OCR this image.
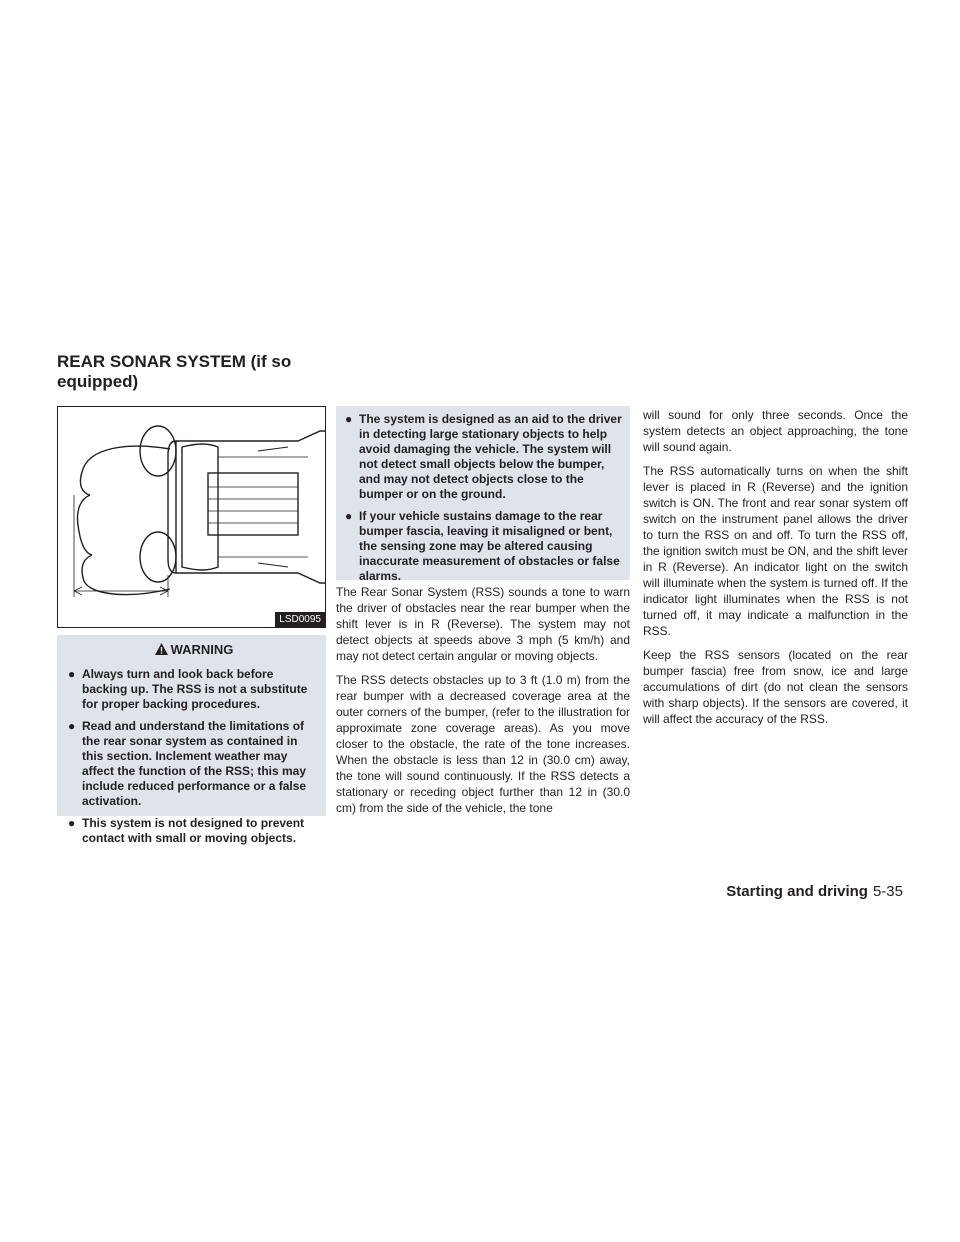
REAR SONAR SYSTEM (if so equipped)
LSD0095
WARNING
● Always turn and look back before backing up. The RSS is not a substitute for proper backing procedures.
● Read and understand the limitations of the rear sonar system as contained in this section. Inclement weather may affect the function of the RSS; this may include reduced performance or a false activation.
● This system is not designed to prevent contact with small or moving objects.
● The system is designed as an aid to the driver in detecting large stationary objects to help avoid damaging the vehicle. The system will not detect small objects below the bumper, and may not detect objects close to the bumper or on the ground.
● If your vehicle sustains damage to the rear bumper fascia, leaving it misaligned or bent, the sensing zone may be altered causing inaccurate measurement of obstacles or false alarms.

The Rear Sonar System (RSS) sounds a tone to warn the driver of obstacles near the rear bumper when the shift lever is in R (Reverse). The system may not detect objects at speeds above 3 mph (5 km/h) and may not detect certain angular or moving objects.

The RSS detects obstacles up to 3 ft (1.0 m) from the rear bumper with a decreased coverage area at the outer corners of the bumper, (refer to the illustration for approximate zone coverage areas). As you move closer to the obstacle, the rate of the tone increases. When the obstacle is less than 12 in (30.0 cm) away, the tone will sound continuously. If the RSS detects a stationary or receding object further than 12 in (30.0 cm) from the side of the vehicle, the tone

will sound for only three seconds. Once the system detects an object approaching, the tone will sound again.

The RSS automatically turns on when the shift lever is placed in R (Reverse) and the ignition switch is ON. The front and rear sonar system off switch on the instrument panel allows the driver to turn the RSS on and off. To turn the RSS off, the ignition switch must be ON, and the shift lever in R (Reverse). An indicator light on the switch will illuminate when the system is turned off. If the indicator light illuminates when the RSS is not turned off, it may indicate a malfunction in the RSS.

Keep the RSS sensors (located on the rear bumper fascia) free from snow, ice and large accumulations of dirt (do not clean the sensors with sharp objects). If the sensors are covered, it will affect the accuracy of the RSS.

Starting and driving 5-35
